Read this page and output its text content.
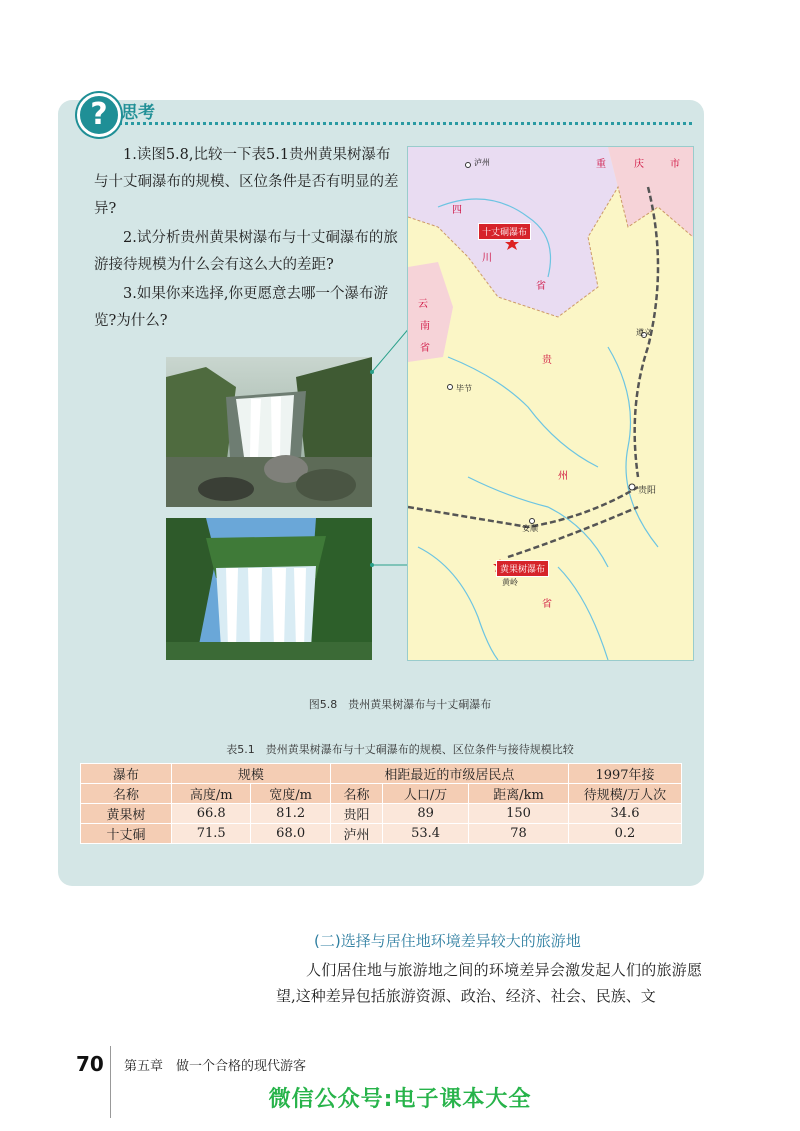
? 思考

1.读图5.8,比较一下表5.1贵州黄果树瀑布与十丈硐瀑布的规模、区位条件是否有明显的差异?

2.试分析贵州黄果树瀑布与十丈硐瀑布的旅游接待规模为什么会有这么大的差距?

3.如果你来选择,你更愿意去哪一个瀑布游览?为什么?

十丈硐瀑布
黄果树瀑布
泸州	重	庆	市
四
川
省
云
南
省
贵
州
省
遵义
毕节
贵阳
安顺
黄岭
图5.8　贵州黄果树瀑布与十丈硐瀑布
表5.1　贵州黄果树瀑布与十丈硐瀑布的规模、区位条件与接待规模比较
瀑布	规模		相距最近的市级居民点			1997年接
名称	高度/m	宽度/m	名称	人口/万	距离/km	待规模/万人次
黄果树	66.8	81.2	贵阳	89	150	34.6
十丈硐	71.5	68.0	泸州	53.4	78	0.2
(二)选择与居住地环境差异较大的旅游地

人们居住地与旅游地之间的环境差异会激发起人们的旅游愿望,这种差异包括旅游资源、政治、经济、社会、民族、文

70 第五章　做一个合格的现代游客
微信公众号:电子课本大全
